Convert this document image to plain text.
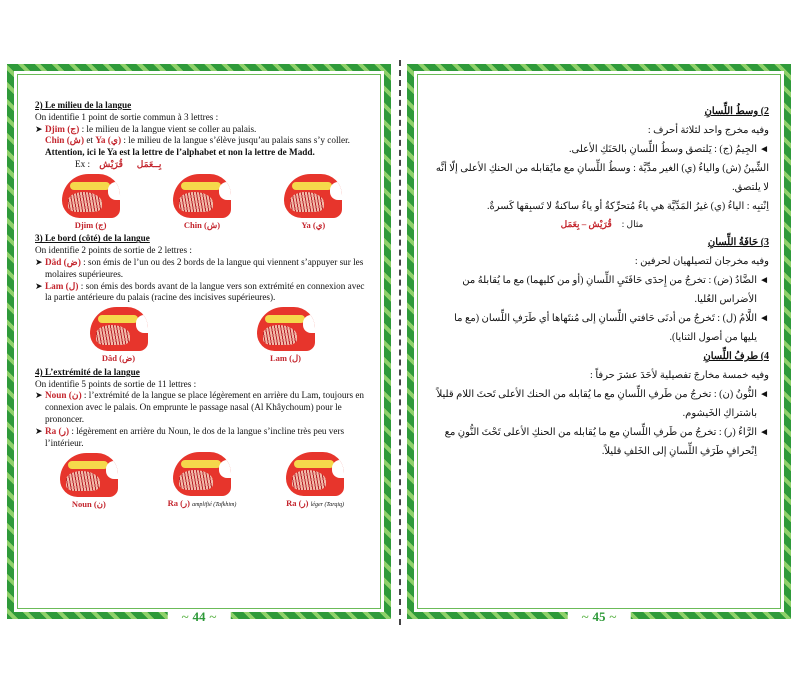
2) Le milieu de la langue

On identifie 1 point de sortie commun à 3 lettres :

➤ Djim (ج) : le milieu de la langue vient se coller au palais.

Chin (ش) et Ya (ي) : le milieu de la langue s’élève jusqu’au palais sans s’y coller.

Attention, ici le Ya est la lettre de l’alphabet et non la lettre de Madd.

Ex :	بِــعَمَل      قُرَيْش

Djim (ج)	Chin (ش)	Ya (ي)

3) Le bord (côté) de la langue

On identifie 2 points de sortie de 2 lettres :

➤ Dâd (ض) : son émis de l’un ou des 2 bords de la langue qui viennent s’appuyer sur les molaires supérieures.

➤ Lam (ل) : son émis des bords avant de la langue vers son extrémité en connexion avec la partie antérieure du palais (racine des incisives supérieures).

Dâd (ض)	Lam (ل)

4) L’extrémité de la langue

On identifie 5 points de sortie de 11 lettres :

➤ Noun (ن) : l’extrémité de la langue se place légèrement en arrière du Lam, toujours en connexion avec le palais. On emprunte le passage nasal (Al Khâychoum) pour le prononcer.

➤ Ra (ر) : légèrement en arrière du Noun, le dos de la langue s’incline très peu vers l’intérieur.

Noun (ن)	Ra (ر) amplifié (Tafkhim)	Ra (ر) léger (Tarqiq)
~ 44 ~

2) وسطُ اللِّسانِ

وفيه مخرج واحد لثلاثة أحرف :

◄
الجِيمُ (ج) : يَلتصق وسطُ اللِّسانِ بالحَنَكِ الأعلى.

الشِّينُ (ش) والياءُ (ي) الغير مدِّيَّة : وسطُ اللِّسانِ مع مايُقابله من الحنكِ الأعلى إلّا أنَّه لا يلتصق.

اِنْتبِه : الياءُ (ي) غيرُ المَدِّيَّة هي ياءٌ مُتحرِّكةٌ أو ياءٌ ساكنةٌ لا تَسبِقها كَسرةٌ.

مثال :
قُرَيْش – بِعَمَل

3) حَافَةُ اللِّسانِ

وفيه مخرجان لتصيلهيان لحرفين :

◄
الضَّادُ (ض) : تخرجُ من إِحدَى حَافَتَيِ اللِّسانِ (أو من كليهما) مع ما يُقابلهُ من الأضراس العُليا.

◄
اللَّامُ (ل) : تَخرجُ من أدنَى حَافتي اللِّسانِ إلى مُنتَهاها أي طَرَفِ اللِّسان (مع ما يليها من أصول الثنايا).

4) طرفُ اللِّسانِ

وفيه خمسة مخارجَ تفصيلية لأحَدَ عشرَ حرفاً :

◄
النُّونُ (ن) : تخرجُ من طَرفِ اللِّسانِ مع ما يُقابله من الحنك الأعلى تَحتَ اللام قليلاً باشتراكِ الخَيشوم.

◄
الرَّاءُ (ر) : تخرجُ من طَرفِ اللِّسانِ مع ما يُقابله من الحنكِ الأعلى تَحْتَ النُّونِ مع اِنْحرافٍ طَرَفِ اللِّسانِ إلى الخَلفِ قليلاً.

~ 45 ~
